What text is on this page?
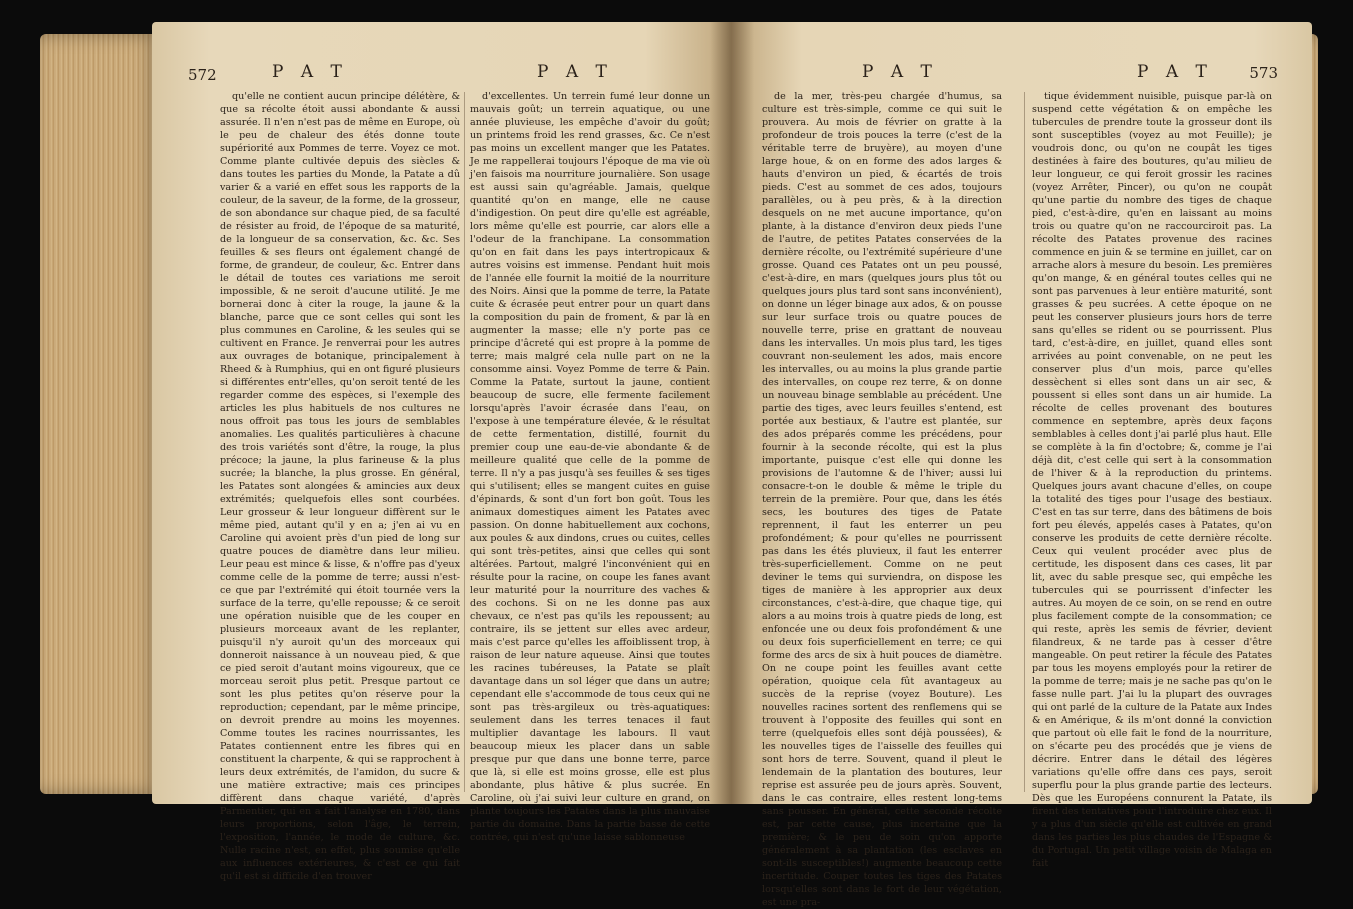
572	P A T	P A T

qu'elle ne contient aucun principe délétère, & que sa récolte étoit aussi abondante & aussi assurée. Il n'en n'est pas de même en Europe, où le peu de chaleur des étés donne toute supériorité aux Pommes de terre. Voyez ce mot. Comme plante cultivée depuis des siècles & dans toutes les parties du Monde, la Patate a dû varier & a varié en effet sous les rapports de la couleur, de la saveur, de la forme, de la grosseur, de son abondance sur chaque pied, de sa faculté de résister au froid, de l'époque de sa maturité, de la longueur de sa conservation, &c. &c. Ses feuilles & ses fleurs ont également changé de forme, de grandeur, de couleur, &c. Entrer dans le détail de toutes ces variations me seroit impossible, & ne seroit d'aucune utilité. Je me bornerai donc à citer la rouge, la jaune & la blanche, parce que ce sont celles qui sont les plus communes en Caroline, & les seules qui se cultivent en France. Je renverrai pour les autres aux ouvrages de botanique, principalement à Rheed & à Rumphius, qui en ont figuré plusieurs si différentes entr'elles, qu'on seroit tenté de les regarder comme des espèces, si l'exemple des articles les plus habituels de nos cultures ne nous offroit pas tous les jours de semblables anomalies. Les qualités particulières à chacune des trois variétés sont d'être, la rouge, la plus précoce; la jaune, la plus farineuse & la plus sucrée; la blanche, la plus grosse. En général, les Patates sont alongées & amincies aux deux extrémités; quelquefois elles sont courbées. Leur grosseur & leur longueur diffèrent sur le même pied, autant qu'il y en a; j'en ai vu en Caroline qui avoient près d'un pied de long sur quatre pouces de diamètre dans leur milieu. Leur peau est mince & lisse, & n'offre pas d'yeux comme celle de la pomme de terre; aussi n'est-ce que par l'extrémité qui étoit tournée vers la surface de la terre, qu'elle repousse; & ce seroit une opération nuisible que de les couper en plusieurs morceaux avant de les replanter, puisqu'il n'y auroit qu'un des morceaux qui donneroit naissance à un nouveau pied, & que ce pied seroit d'autant moins vigoureux, que ce morceau seroit plus petit. Presque partout ce sont les plus petites qu'on réserve pour la reproduction; cependant, par le même principe, on devroit prendre au moins les moyennes. Comme toutes les racines nourrissantes, les Patates contiennent entre les fibres qui en constituent la charpente, & qui se rapprochent à leurs deux extrémités, de l'amidon, du sucre & une matière extractive; mais ces principes diffèrent dans chaque variété, d'après Parmentier, qui en a fait l'analyse en 1780, dans leurs proportions, selon l'âge, le terrein, l'exposition, l'année, le mode de culture, &c. Nulle racine n'est, en effet, plus soumise qu'elle aux influences extérieures, & c'est ce qui fait qu'il est si difficile d'en trouver

d'excellentes. Un terrein fumé leur donne un mauvais goût; un terrein aquatique, ou une année pluvieuse, les empêche d'avoir du goût; un printems froid les rend grasses, &c. Ce n'est pas moins un excellent manger que les Patates. Je me rappellerai toujours l'époque de ma vie où j'en faisois ma nourriture journalière. Son usage est aussi sain qu'agréable. Jamais, quelque quantité qu'on en mange, elle ne cause d'indigestion. On peut dire qu'elle est agréable, lors même qu'elle est pourrie, car alors elle a l'odeur de la franchipane. La consommation qu'on en fait dans les pays intertropicaux & autres voisins est immense. Pendant huit mois de l'année elle fournit la moitié de la nourriture des Noirs. Ainsi que la pomme de terre, la Patate cuite & écrasée peut entrer pour un quart dans la composition du pain de froment, & par là en augmenter la masse; elle n'y porte pas ce principe d'âcreté qui est propre à la pomme de terre; mais malgré cela nulle part on ne la consomme ainsi. Voyez Pomme de terre & Pain. Comme la Patate, surtout la jaune, contient beaucoup de sucre, elle fermente facilement lorsqu'après l'avoir écrasée dans l'eau, on l'expose à une température élevée, & le résultat de cette fermentation, distillé, fournit du premier coup une eau-de-vie abondante & de meilleure qualité que celle de la pomme de terre. Il n'y a pas jusqu'à ses feuilles & ses tiges qui s'utilisent; elles se mangent cuites en guise d'épinards, & sont d'un fort bon goût. Tous les animaux domestiques aiment les Patates avec passion. On donne habituellement aux cochons, aux poules & aux dindons, crues ou cuites, celles qui sont très-petites, ainsi que celles qui sont altérées. Partout, malgré l'inconvénient qui en résulte pour la racine, on coupe les fanes avant leur maturité pour la nourriture des vaches & des cochons. Si on ne les donne pas aux chevaux, ce n'est pas qu'ils les repoussent; au contraire, ils se jettent sur elles avec ardeur, mais c'est parce qu'elles les affoiblissent trop, à raison de leur nature aqueuse. Ainsi que toutes les racines tubéreuses, la Patate se plaît davantage dans un sol léger que dans un autre; cependant elle s'accommode de tous ceux qui ne sont pas très-argileux ou très-aquatiques: seulement dans les terres tenaces il faut multiplier davantage les labours. Il vaut beaucoup mieux les placer dans un sable presque pur que dans une bonne terre, parce que là, si elle est moins grosse, elle est plus abondante, plus hâtive & plus sucrée. En Caroline, où j'ai suivi leur culture en grand, on plante toujours les Patates dans la plus mauvaise partie du domaine. Dans la partie basse de cette contrée, qui n'est qu'une laisse sablonneuse

P A T	P A T 573

de la mer, très-peu chargée d'humus, sa culture est très-simple, comme ce qui suit le prouvera. Au mois de février on gratte à la profondeur de trois pouces la terre (c'est de la véritable terre de bruyère), au moyen d'une large houe, & on en forme des ados larges & hauts d'environ un pied, & écartés de trois pieds. C'est au sommet de ces ados, toujours parallèles, ou à peu près, & à la direction desquels on ne met aucune importance, qu'on plante, à la distance d'environ deux pieds l'une de l'autre, de petites Patates conservées de la dernière récolte, ou l'extrémité supérieure d'une grosse. Quand ces Patates ont un peu poussé, c'est-à-dire, en mars (quelques jours plus tôt ou quelques jours plus tard sont sans inconvénient), on donne un léger binage aux ados, & on pousse sur leur surface trois ou quatre pouces de nouvelle terre, prise en grattant de nouveau dans les intervalles. Un mois plus tard, les tiges couvrant non-seulement les ados, mais encore les intervalles, ou au moins la plus grande partie des intervalles, on coupe rez terre, & on donne un nouveau binage semblable au précédent. Une partie des tiges, avec leurs feuilles s'entend, est portée aux bestiaux, & l'autre est plantée, sur des ados préparés comme les précédens, pour fournir à la seconde récolte, qui est la plus importante, puisque c'est elle qui donne les provisions de l'automne & de l'hiver; aussi lui consacre-t-on le double & même le triple du terrein de la première. Pour que, dans les étés secs, les boutures des tiges de Patate reprennent, il faut les enterrer un peu profondément; & pour qu'elles ne pourrissent pas dans les étés pluvieux, il faut les enterrer très-superficiellement. Comme on ne peut deviner le tems qui surviendra, on dispose les tiges de manière à les approprier aux deux circonstances, c'est-à-dire, que chaque tige, qui alors a au moins trois à quatre pieds de long, est enfoncée une ou deux fois profondément & une ou deux fois superficiellement en terre; ce qui forme des arcs de six à huit pouces de diamètre. On ne coupe point les feuilles avant cette opération, quoique cela fût avantageux au succès de la reprise (voyez Bouture). Les nouvelles racines sortent des renflemens qui se trouvent à l'opposite des feuilles qui sont en terre (quelquefois elles sont déjà poussées), & les nouvelles tiges de l'aisselle des feuilles qui sont hors de terre. Souvent, quand il pleut le lendemain de la plantation des boutures, leur reprise est assurée peu de jours après. Souvent, dans le cas contraire, elles restent long-tems sans pousser. En général, cette seconde récolte est, par cette cause, plus incertaine que la première; & le peu de soin qu'on apporte généralement à sa plantation (les esclaves en sont-ils susceptibles!) augmente beaucoup cette incertitude. Couper toutes les tiges des Patates lorsqu'elles sont dans le fort de leur végétation, est une pra-

tique évidemment nuisible, puisque par-là on suspend cette végétation & on empêche les tubercules de prendre toute la grosseur dont ils sont susceptibles (voyez au mot Feuille); je voudrois donc, ou qu'on ne coupât les tiges destinées à faire des boutures, qu'au milieu de leur longueur, ce qui feroit grossir les racines (voyez Arrêter, Pincer), ou qu'on ne coupât qu'une partie du nombre des tiges de chaque pied, c'est-à-dire, qu'en en laissant au moins trois ou quatre qu'on ne raccourciroit pas. La récolte des Patates provenue des racines commence en juin & se termine en juillet, car on arrache alors à mesure du besoin. Les premières qu'on mange, & en général toutes celles qui ne sont pas parvenues à leur entière maturité, sont grasses & peu sucrées. A cette époque on ne peut les conserver plusieurs jours hors de terre sans qu'elles se rident ou se pourrissent. Plus tard, c'est-à-dire, en juillet, quand elles sont arrivées au point convenable, on ne peut les conserver plus d'un mois, parce qu'elles dessèchent si elles sont dans un air sec, & poussent si elles sont dans un air humide. La récolte de celles provenant des boutures commence en septembre, après deux façons semblables à celles dont j'ai parlé plus haut. Elle se complète à la fin d'octobre; &, comme je l'ai déjà dit, c'est celle qui sert à la consommation de l'hiver & à la reproduction du printems. Quelques jours avant chacune d'elles, on coupe la totalité des tiges pour l'usage des bestiaux. C'est en tas sur terre, dans des bâtimens de bois fort peu élevés, appelés cases à Patates, qu'on conserve les produits de cette dernière récolte. Ceux qui veulent procéder avec plus de certitude, les disposent dans ces cases, lit par lit, avec du sable presque sec, qui empêche les tubercules qui se pourrissent d'infecter les autres. Au moyen de ce soin, on se rend en outre plus facilement compte de la consommation; ce qui reste, après les semis de février, devient filandreux, & ne tarde pas à cesser d'être mangeable. On peut retirer la fécule des Patates par tous les moyens employés pour la retirer de la pomme de terre; mais je ne sache pas qu'on le fasse nulle part. J'ai lu la plupart des ouvrages qui ont parlé de la culture de la Patate aux Indes & en Amérique, & ils m'ont donné la conviction que partout où elle fait le fond de la nourriture, on s'écarte peu des procédés que je viens de décrire. Entrer dans le détail des légères variations qu'elle offre dans ces pays, seroit superflu pour la plus grande partie des lecteurs. Dès que les Européens connurent la Patate, ils firent des tentatives pour l'introduire chez eux. Il y a plus d'un siècle qu'elle est cultivée en grand dans les parties les plus chaudes de l'Espagne & du Portugal. Un petit village voisin de Malaga en fait
